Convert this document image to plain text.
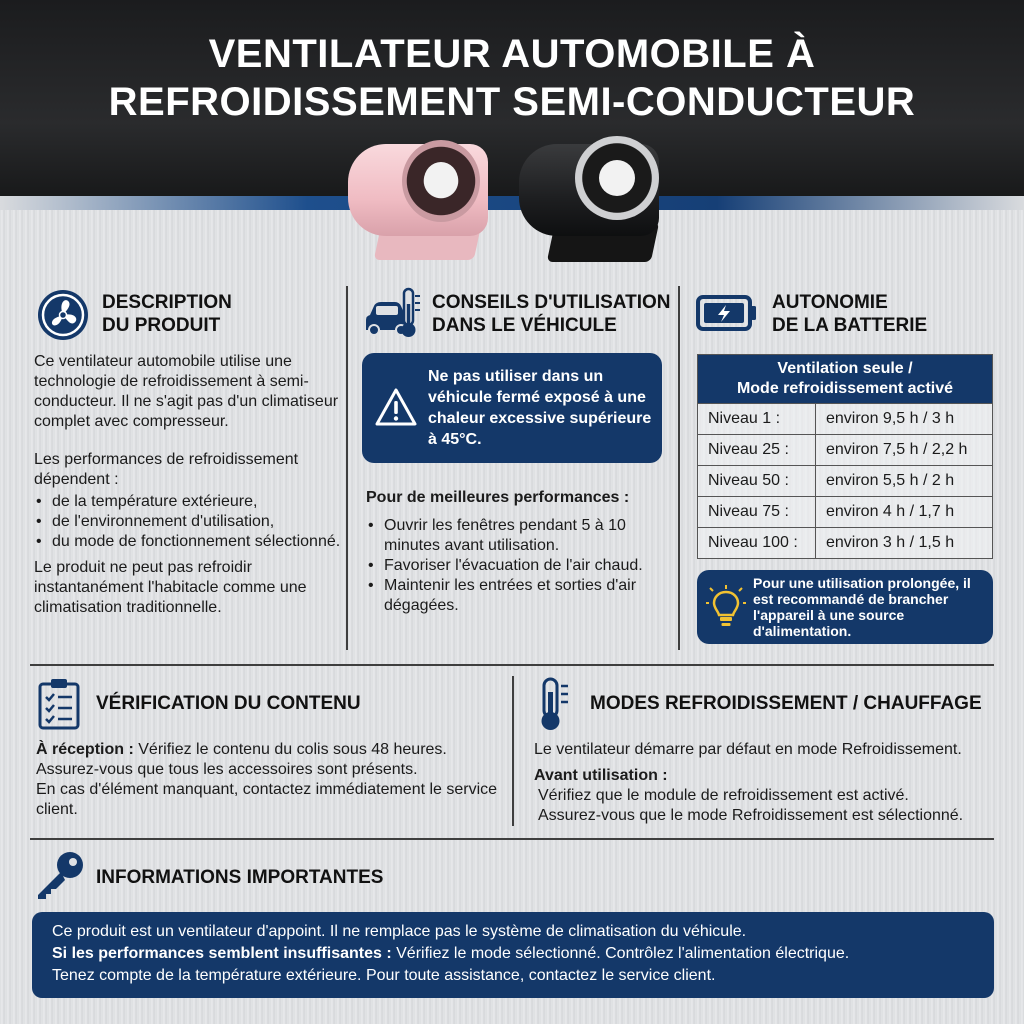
VENTILATEUR AUTOMOBILE À
REFROIDISSEMENT SEMI-CONDUCTEUR
DESCRIPTION
DU PRODUIT

Ce ventilateur automobile utilise une technologie de refroidissement à semi-conducteur. Il ne s'agit pas d'un climatiseur complet avec compresseur.

Les performances de refroidissement dépendent :

• de la température extérieure,
• de l'environnement d'utilisation,
• du mode de fonctionnement sélectionné.

Le produit ne peut pas refroidir instantanément l'habitacle comme une climatisation traditionnelle.

CONSEILS D'UTILISATION
DANS LE VÉHICULE
Ne pas utiliser dans un véhicule fermé exposé à une chaleur excessive supérieure à 45°C.

Pour de meilleures performances :

• Ouvrir les fenêtres pendant 5 à 10 minutes avant utilisation.
• Favoriser l'évacuation de l'air chaud.
• Maintenir les entrées et sorties d'air dégagées.
AUTONOMIE
DE LA BATTERIE
Ventilation seule /
Mode refroidissement activé	

Niveau 1 :	environ 9,5 h / 3 h
Niveau 25 :	environ 7,5 h / 2,2 h
Niveau 50 :	environ 5,5 h / 2 h
Niveau 75 :	environ 4 h / 1,7 h
Niveau 100 :	environ 3 h / 1,5 h
Pour une utilisation prolongée, il est recommandé de brancher l'appareil à une source d'alimentation.
VÉRIFICATION DU CONTENU

À réception : Vérifiez le contenu du colis sous 48 heures.

Assurez-vous que tous les accessoires sont présents.

En cas d'élément manquant, contactez immédiatement le service client.

MODES REFROIDISSEMENT / CHAUFFAGE

Le ventilateur démarre par défaut en mode Refroidissement.

Avant utilisation :

Vérifiez que le module de refroidissement est activé.

Assurez-vous que le mode Refroidissement est sélectionné.

INFORMATIONS IMPORTANTES

Ce produit est un ventilateur d'appoint. Il ne remplace pas le système de climatisation du véhicule.

Si les performances semblent insuffisantes : Vérifiez le mode sélectionné. Contrôlez l'alimentation électrique.

Tenez compte de la température extérieure. Pour toute assistance, contactez le service client.
